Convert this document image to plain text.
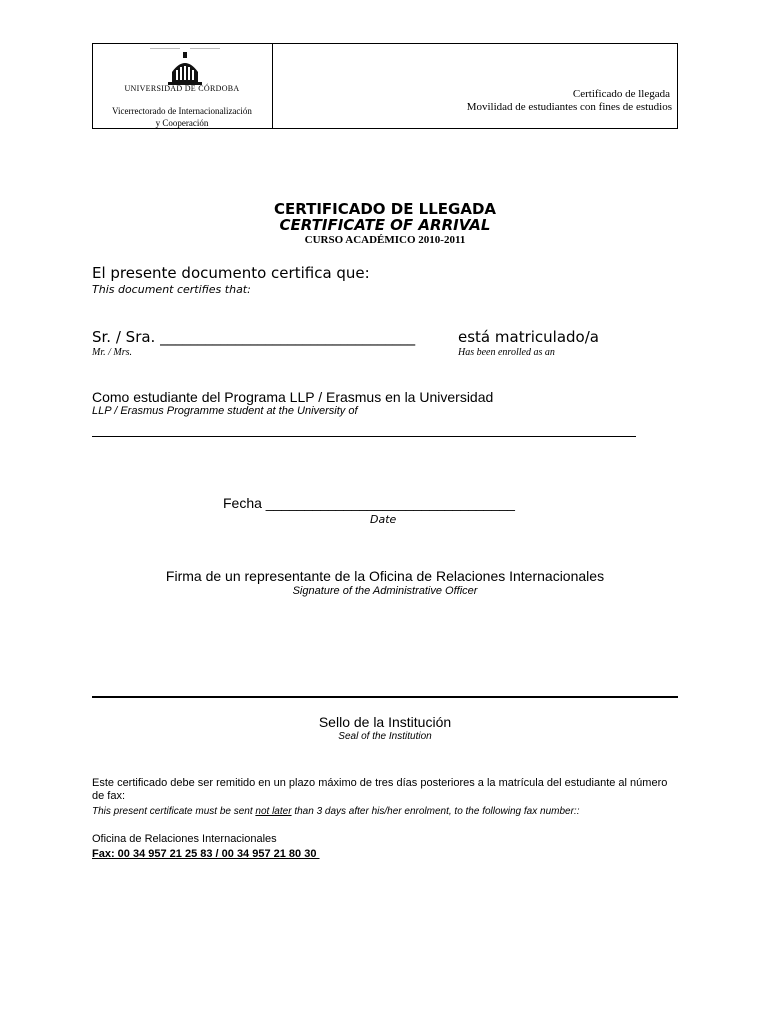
UNIVERSIDAD DE CÓRDOBA
Vicerrectorado de Internacionalización
y Cooperación
Certificado de llegada
Movilidad de estudiantes con fines de estudios
CERTIFICADO DE LLEGADA
CERTIFICATE OF ARRIVAL
CURSO ACADÉMICO 2010-2011
El presente documento certifica que:
This document certifies that:
Sr. / Sra. __________________________________
Mr. / Mrs.
está matriculado/a
Has been enrolled as an
Como estudiante del Programa LLP / Erasmus en la Universidad
LLP / Erasmus Programme student at the University of
Fecha ________________________________
Date
Firma de un representante de la Oficina de Relaciones Internacionales
Signature of the Administrative Officer
Sello de la Institución
Seal of the Institution
Este certificado debe ser remitido en un plazo máximo de tres días posteriores a la matrícula del estudiante al número de fax:
This present certificate must be sent not later than 3 days after his/her enrolment, to the following fax number::
Oficina de Relaciones Internacionales
Fax: 00 34 957 21 25 83 / 00 34 957 21 80 30
